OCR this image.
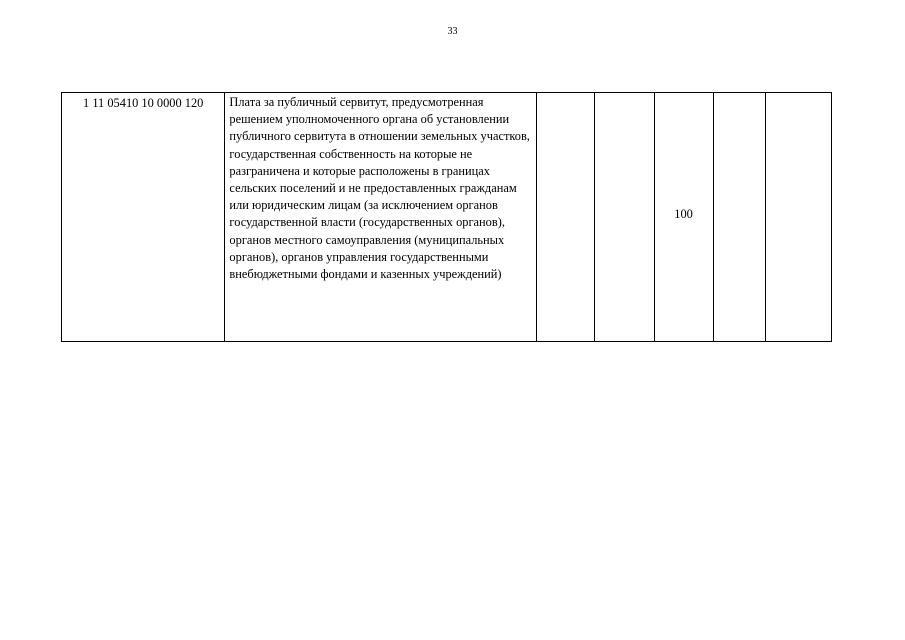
33
1 11 05410 10 0000 120	Плата за публичный сервитут, предусмотренная решением уполномоченного органа об установлении публичного сервитута в отношении земельных участков, государственная собственность на которые не разграничена и которые расположены в границах сельских поселений и не предоставленных гражданам или юридическим лицам (за исключением органов государственной власти (государственных органов), органов местного самоуправления (муниципальных органов), органов управления государственными внебюджетными фондами и казенных учреждений)			100		
